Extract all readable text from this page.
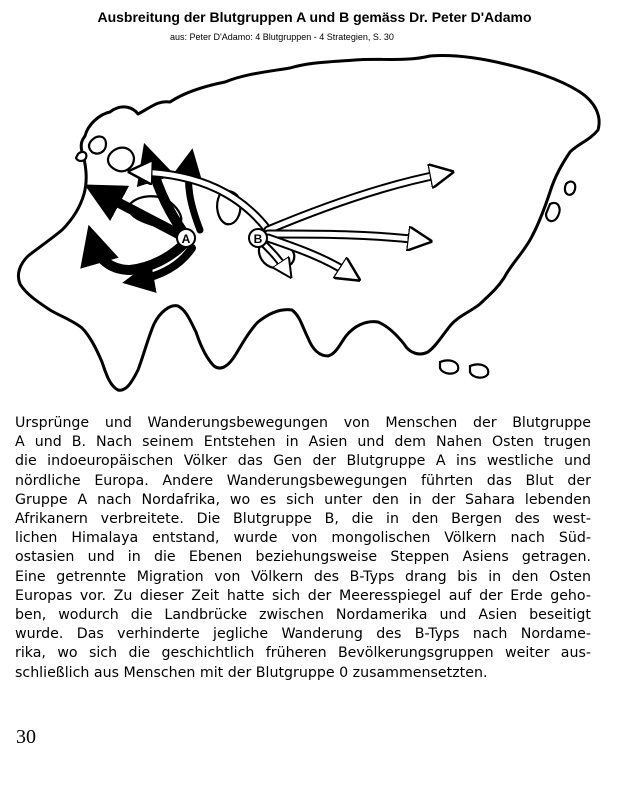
Ausbreitung der Blutgruppen A und B gemäss Dr. Peter D'Adamo
aus: Peter D'Adamo: 4 Blutgruppen - 4 Strategien, S. 30
A	B
Ursprünge und Wanderungsbewegungen von Menschen der Blutgruppe
A und B. Nach seinem Entstehen in Asien und dem Nahen Osten trugen
die indoeuropäischen Völker das Gen der Blutgruppe A ins westliche und
nördliche Europa. Andere Wanderungsbewegungen führten das Blut der
Gruppe A nach Nordafrika, wo es sich unter den in der Sahara lebenden
Afrikanern verbreitete. Die Blutgruppe B, die in den Bergen des west-
lichen Himalaya entstand, wurde von mongolischen Völkern nach Süd-
ostasien und in die Ebenen beziehungsweise Steppen Asiens getragen.
Eine getrennte Migration von Völkern des B-Typs drang bis in den Osten
Europas vor. Zu dieser Zeit hatte sich der Meeresspiegel auf der Erde geho-
ben, wodurch die Landbrücke zwischen Nordamerika und Asien beseitigt
wurde. Das verhinderte jegliche Wanderung des B-Typs nach Nordame-
rika, wo sich die geschichtlich früheren Bevölkerungsgruppen weiter aus-
schließlich aus Menschen mit der Blutgruppe 0 zusammensetzten.
30
